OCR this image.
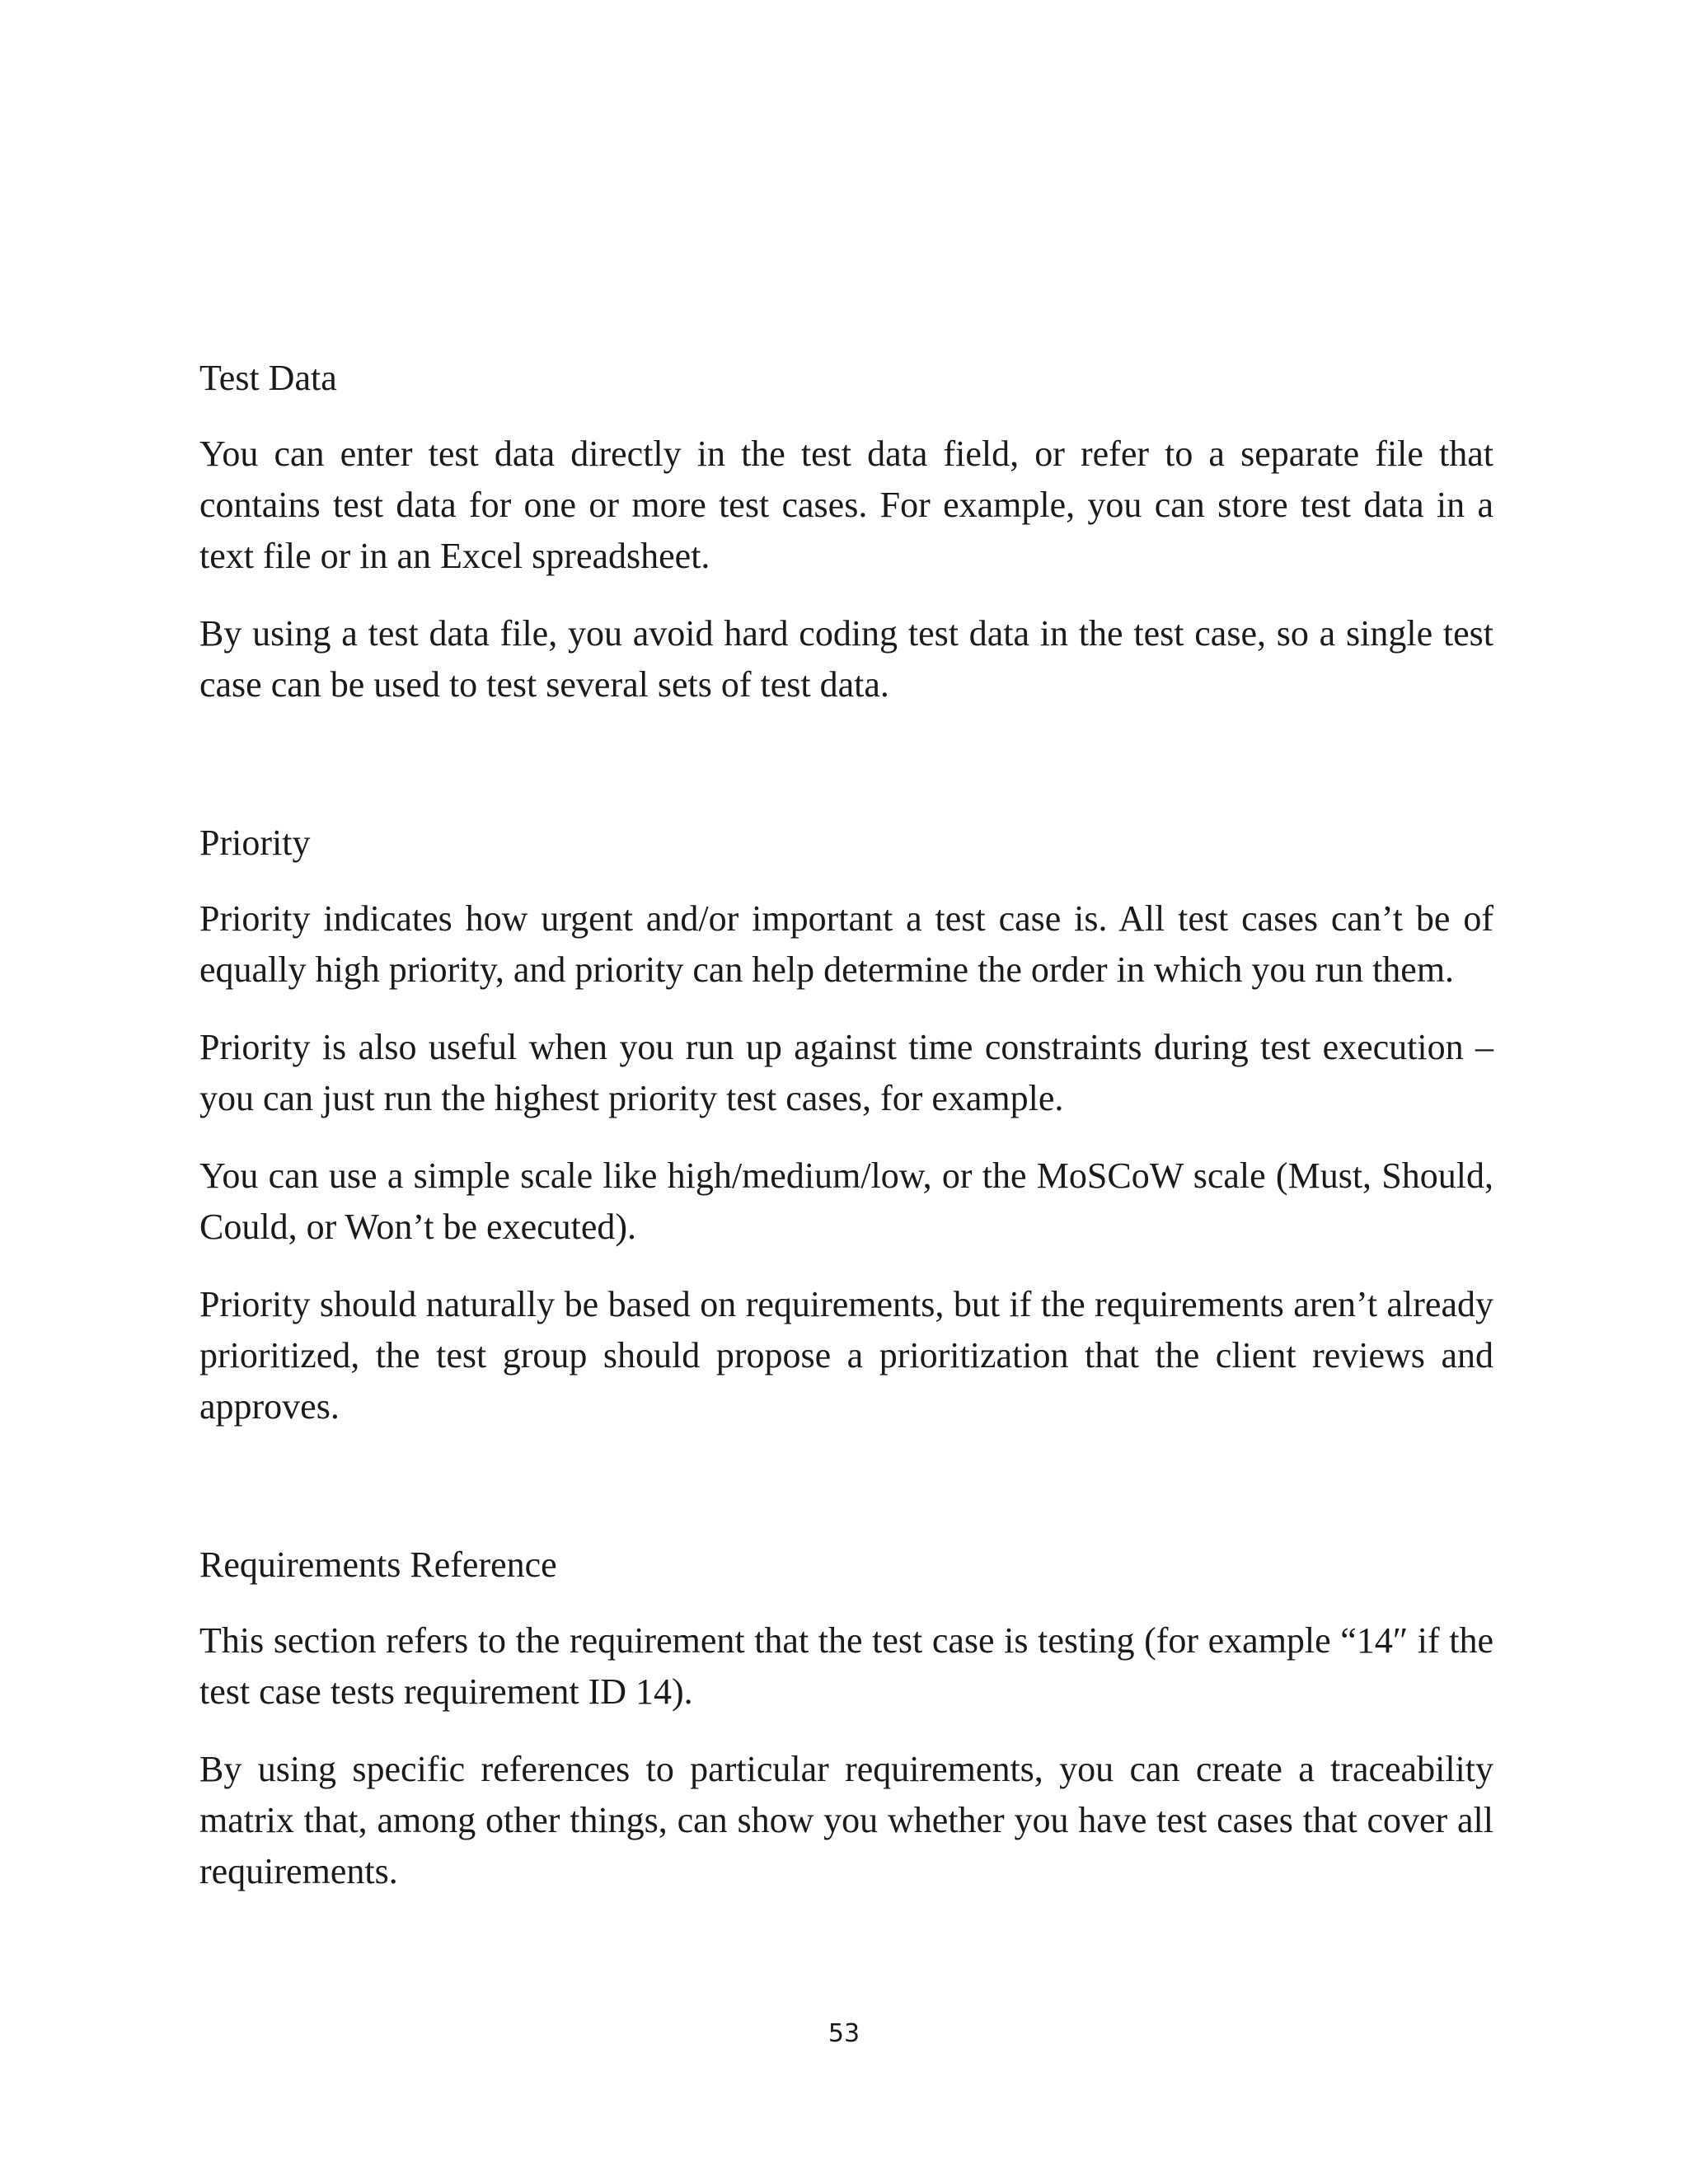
Test Data

You can enter test data directly in the test data field, or refer to a separate file that contains test data for one or more test cases. For example, you can store test data in a text file or in an Excel spreadsheet.

By using a test data file, you avoid hard coding test data in the test case, so a single test case can be used to test several sets of test data.

Priority

Priority indicates how urgent and/or important a test case is. All test cases can’t be of equally high priority, and priority can help determine the order in which you run them.

Priority is also useful when you run up against time constraints during test execution – you can just run the highest priority test cases, for example.

You can use a simple scale like high/medium/low, or the MoSCoW scale (Must, Should, Could, or Won’t be executed).

Priority should naturally be based on requirements, but if the requirements aren’t already prioritized, the test group should propose a prioritization that the client reviews and approves.

Requirements Reference

This section refers to the requirement that the test case is testing (for example “14″ if the test case tests requirement ID 14).

By using specific references to particular requirements, you can create a traceability matrix that, among other things, can show you whether you have test cases that cover all requirements.

53
